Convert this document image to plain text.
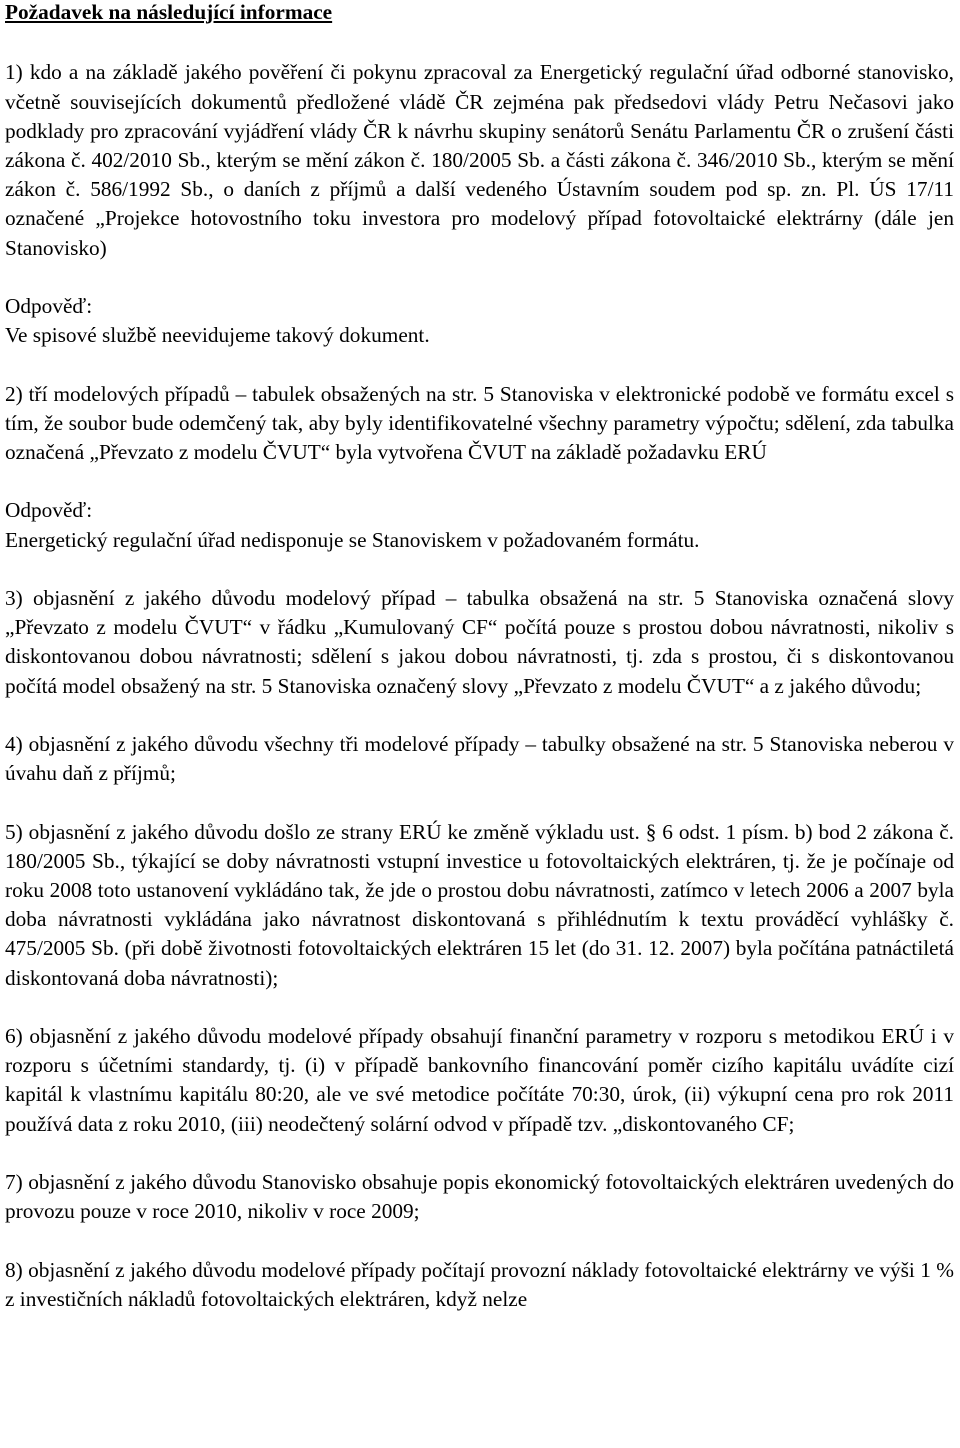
Požadavek na následující informace

1) kdo a na základě jakého pověření či pokynu zpracoval za Energetický regulační úřad odborné stanovisko, včetně souvisejících dokumentů předložené vládě ČR zejména pak předsedovi vlády Petru Nečasovi jako podklady pro zpracování vyjádření vlády ČR k návrhu skupiny senátorů Senátu Parlamentu ČR o zrušení části zákona č. 402/2010 Sb., kterým se mění zákon č. 180/2005 Sb. a části zákona č. 346/2010 Sb., kterým se mění zákon č. 586/1992 Sb., o daních z příjmů a další vedeného Ústavním soudem pod sp. zn. Pl. ÚS 17/11 označené „Projekce hotovostního toku investora pro modelový případ fotovoltaické elektrárny (dále jen Stanovisko)

Odpověď:

Ve spisové službě neevidujeme takový dokument.

2) tří modelových případů – tabulek obsažených na str. 5 Stanoviska v elektronické podobě ve formátu excel s tím, že soubor bude odemčený tak, aby byly identifikovatelné všechny parametry výpočtu; sdělení, zda tabulka označená „Převzato z modelu ČVUT“ byla vytvořena ČVUT na základě požadavku ERÚ

Odpověď:

Energetický regulační úřad nedisponuje se Stanoviskem v požadovaném formátu.

3) objasnění z jakého důvodu modelový případ – tabulka obsažená na str. 5 Stanoviska označená slovy „Převzato z modelu ČVUT“ v řádku „Kumulovaný CF“ počítá pouze s prostou dobou návratnosti, nikoliv s diskontovanou dobou návratnosti; sdělení s jakou dobou návratnosti, tj. zda s prostou, či s diskontovanou počítá model obsažený na str. 5 Stanoviska označený slovy „Převzato z modelu ČVUT“ a z jakého důvodu;

4) objasnění z jakého důvodu všechny tři modelové případy – tabulky obsažené na str. 5 Stanoviska neberou v úvahu daň z příjmů;

5) objasnění z jakého důvodu došlo ze strany ERÚ ke změně výkladu ust. § 6 odst. 1 písm. b) bod 2 zákona č. 180/2005 Sb., týkající se doby návratnosti vstupní investice u fotovoltaických elektráren, tj. že je počínaje od roku 2008 toto ustanovení vykládáno tak, že jde o prostou dobu návratnosti, zatímco v letech 2006 a 2007 byla doba návratnosti vykládána jako návratnost diskontovaná s přihlédnutím k textu prováděcí vyhlášky č. 475/2005 Sb. (při době životnosti fotovoltaických elektráren 15 let (do 31. 12. 2007) byla počítána patnáctiletá diskontovaná doba návratnosti);

6) objasnění z jakého důvodu modelové případy obsahují finanční parametry v rozporu s metodikou ERÚ i v rozporu s účetními standardy, tj. (i) v případě bankovního financování poměr cizího kapitálu uvádíte cizí kapitál k vlastnímu kapitálu 80:20, ale ve své metodice počítáte 70:30, úrok, (ii) výkupní cena pro rok 2011 používá data z roku 2010, (iii) neodečtený solární odvod v případě tzv. „diskontovaného CF;

7) objasnění z jakého důvodu Stanovisko obsahuje popis ekonomický fotovoltaických elektráren uvedených do provozu pouze v roce 2010, nikoliv v roce 2009;

8) objasnění z jakého důvodu modelové případy počítají provozní náklady fotovoltaické elektrárny ve výši 1 % z investičních nákladů fotovoltaických elektráren, když nelze
